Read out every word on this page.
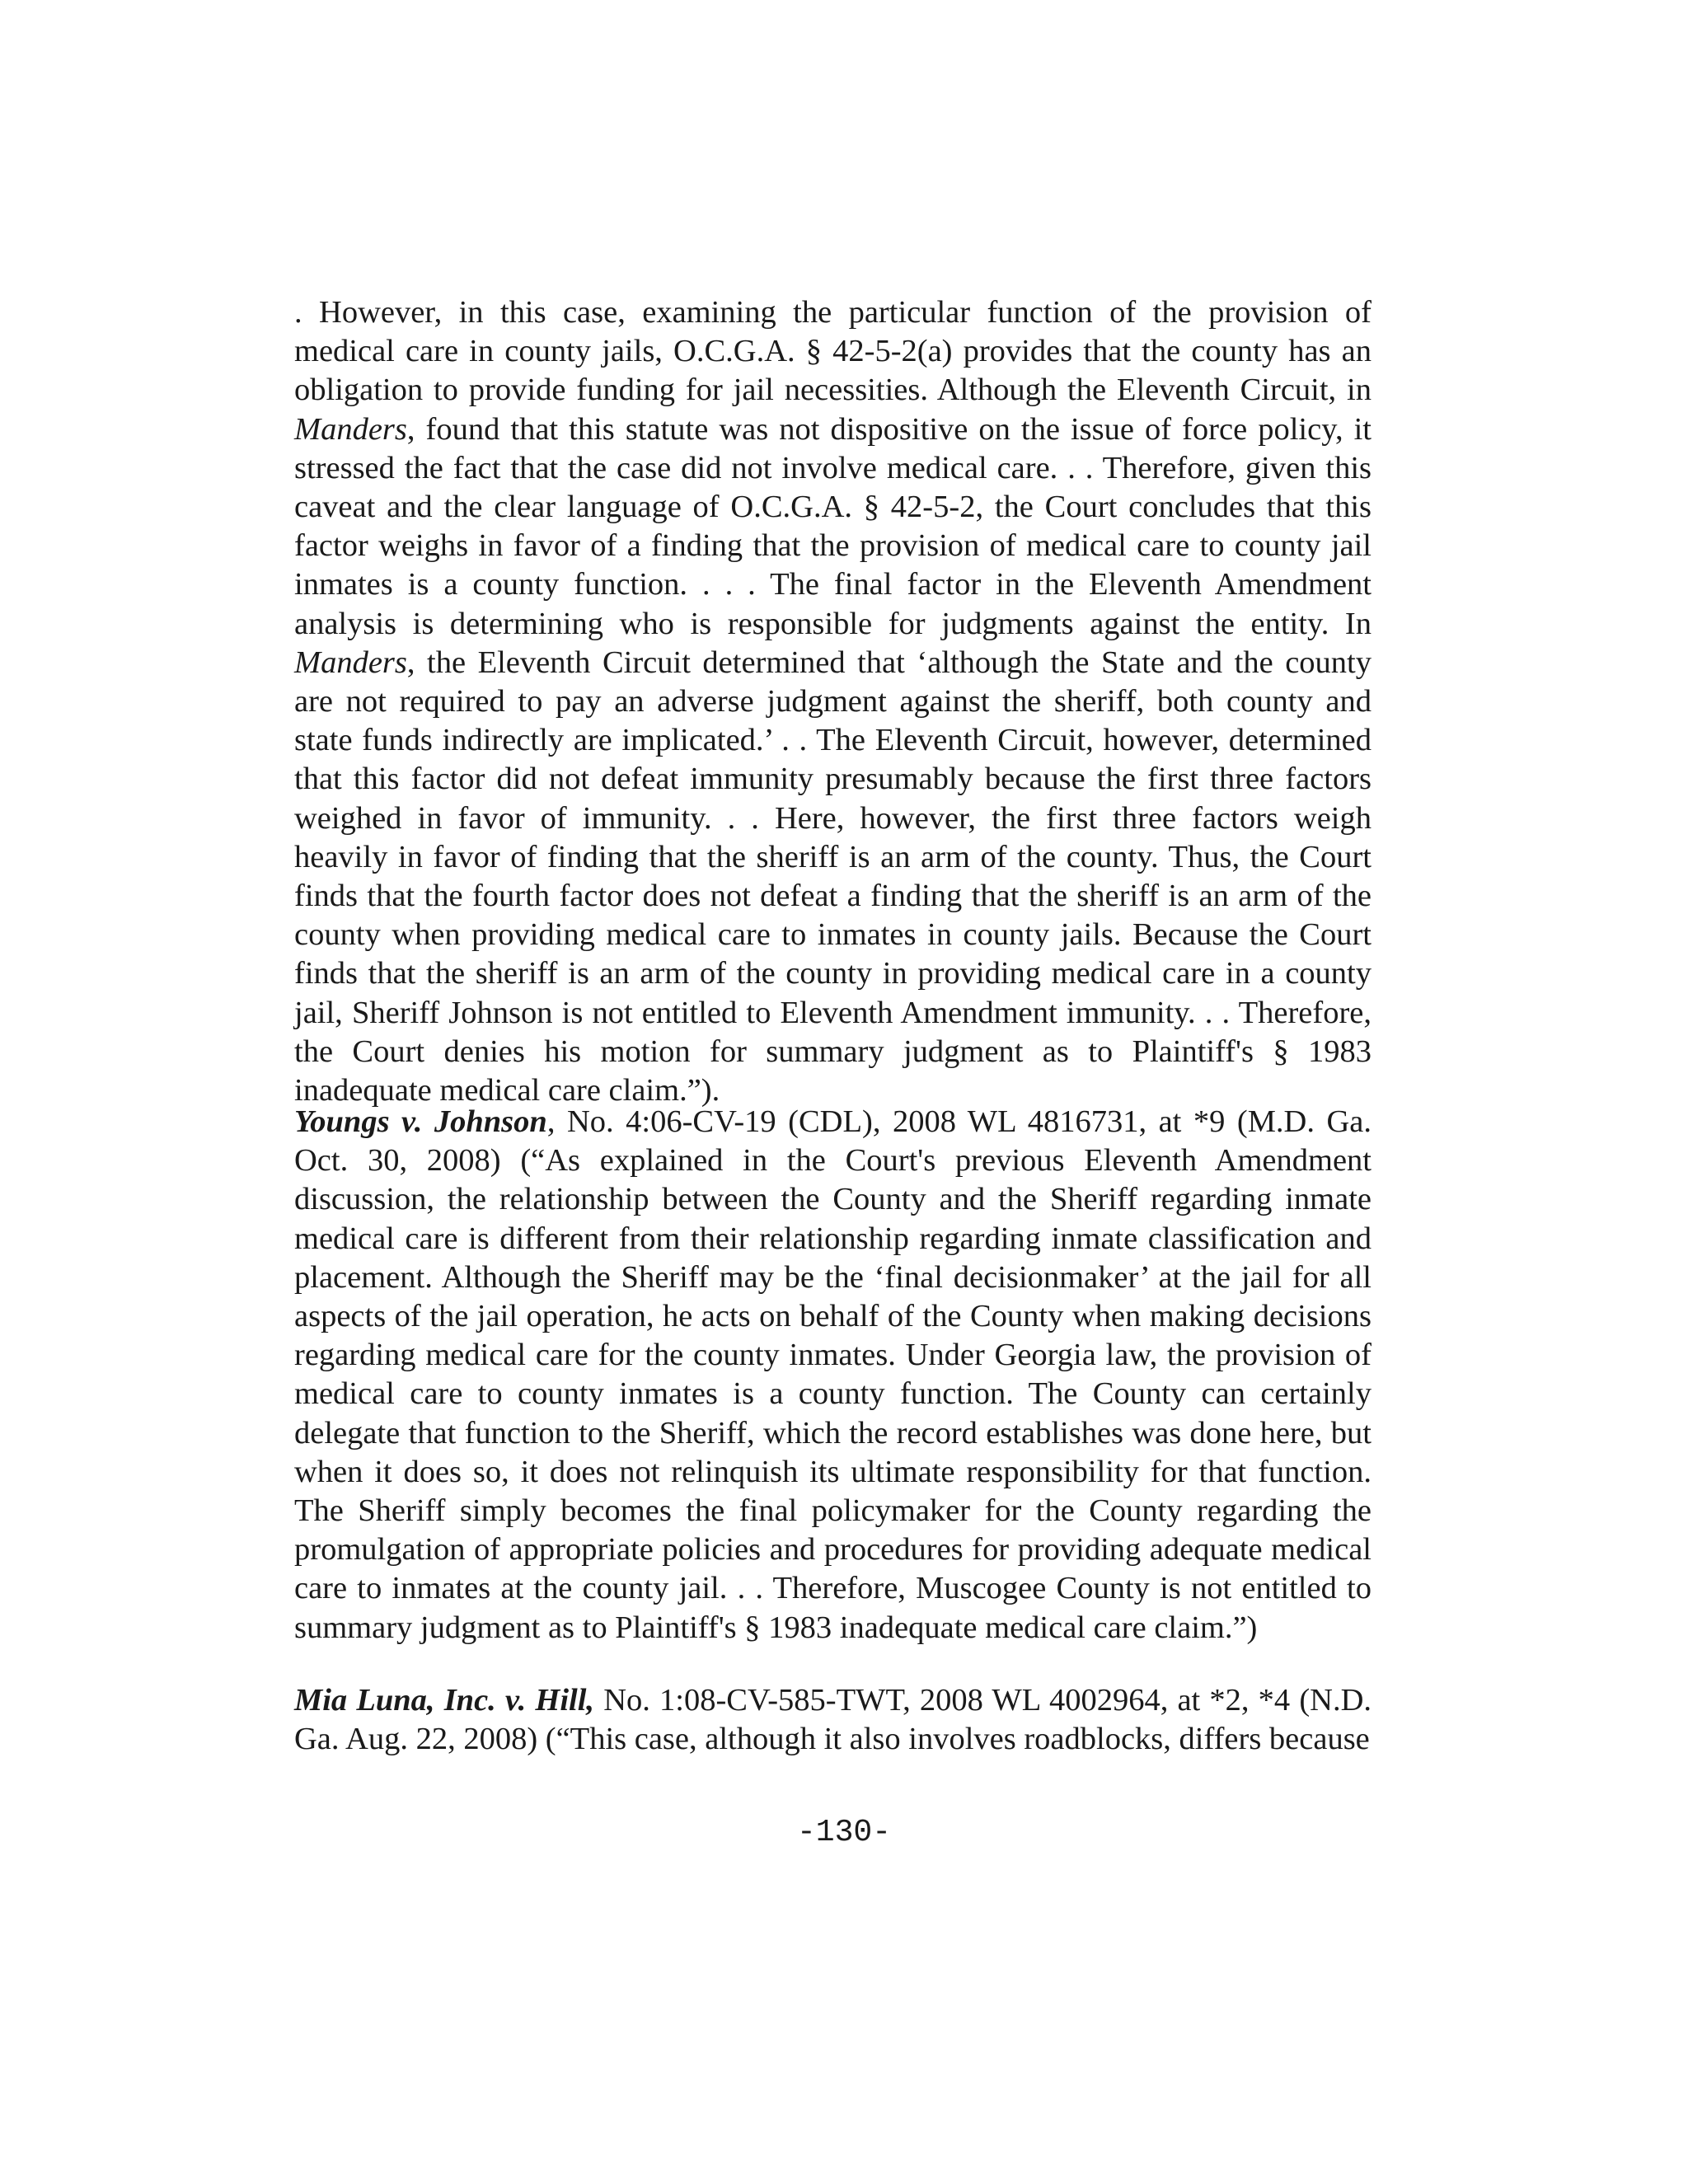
. However, in this case, examining the particular function of the provision of medical care in county jails, O.C.G.A. § 42-5-2(a) provides that the county has an obligation to provide funding for jail necessities. Although the Eleventh Circuit, in Manders, found that this statute was not dispositive on the issue of force policy, it stressed the fact that the case did not involve medical care. . . Therefore, given this caveat and the clear language of O.C.G.A. § 42-5-2, the Court concludes that this factor weighs in favor of a finding that the provision of medical care to county jail inmates is a county function. . . . The final factor in the Eleventh Amendment analysis is determining who is responsible for judgments against the entity. In Manders, the Eleventh Circuit determined that ‘although the State and the county are not required to pay an adverse judgment against the sheriff, both county and state funds indirectly are implicated.’ . . The Eleventh Circuit, however, determined that this factor did not defeat immunity presumably because the first three factors weighed in favor of immunity. . . Here, however, the first three factors weigh heavily in favor of finding that the sheriff is an arm of the county. Thus, the Court finds that the fourth factor does not defeat a finding that the sheriff is an arm of the county when providing medical care to inmates in county jails. Because the Court finds that the sheriff is an arm of the county in providing medical care in a county jail, Sheriff Johnson is not entitled to Eleventh Amendment immunity. . . Therefore, the Court denies his motion for summary judgment as to Plaintiff's § 1983 inadequate medical care claim.”).

Youngs v. Johnson, No. 4:06-CV-19 (CDL), 2008 WL 4816731, at *9 (M.D. Ga. Oct. 30, 2008) (“As explained in the Court's previous Eleventh Amendment discussion, the relationship between the County and the Sheriff regarding inmate medical care is different from their relationship regarding inmate classification and placement. Although the Sheriff may be the ‘final decisionmaker’ at the jail for all aspects of the jail operation, he acts on behalf of the County when making decisions regarding medical care for the county inmates. Under Georgia law, the provision of medical care to county inmates is a county function. The County can certainly delegate that function to the Sheriff, which the record establishes was done here, but when it does so, it does not relinquish its ultimate responsibility for that function. The Sheriff simply becomes the final policymaker for the County regarding the promulgation of appropriate policies and procedures for providing adequate medical care to inmates at the county jail. . . Therefore, Muscogee County is not entitled to summary judgment as to Plaintiff's § 1983 inadequate medical care claim.”)

Mia Luna, Inc. v. Hill, No. 1:08-CV-585-TWT, 2008 WL 4002964, at *2, *4 (N.D. Ga. Aug. 22, 2008) (“This case, although it also involves roadblocks, differs because

-130-
